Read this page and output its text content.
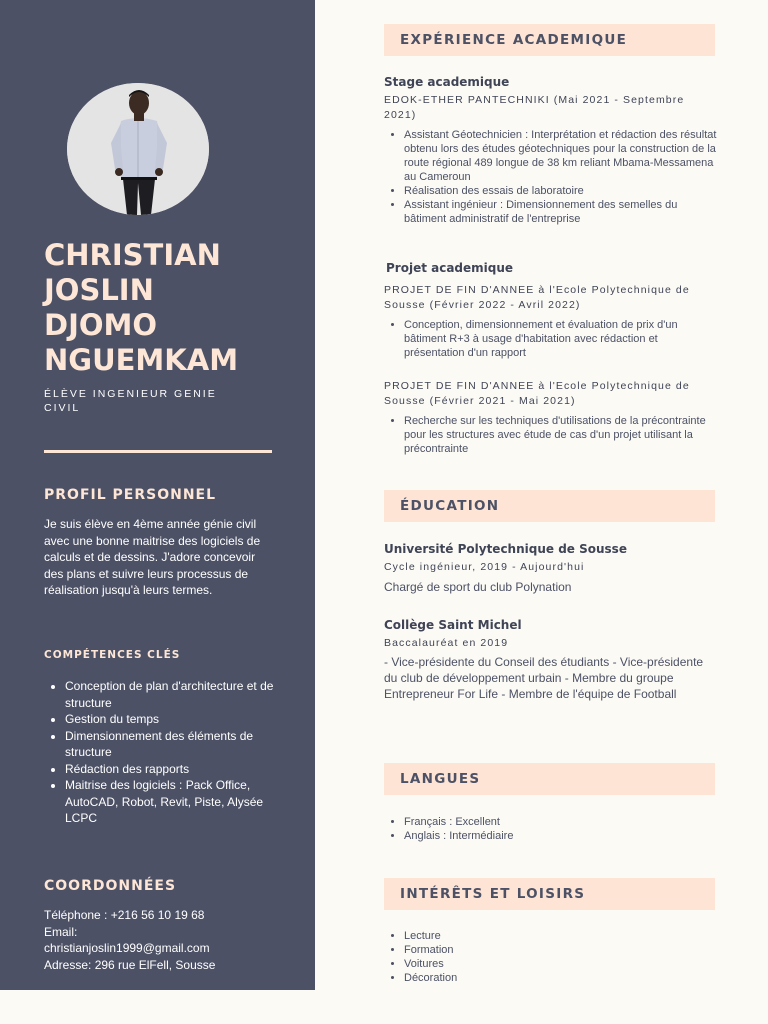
CHRISTIAN
JOSLIN
DJOMO
NGUEMKAM
ÉLÈVE INGENIEUR GENIE CIVIL
PROFIL PERSONNEL

Je suis élève en 4ème année génie civil avec une bonne maitrise des logiciels de calculs et de dessins. J'adore concevoir des plans et suivre leurs processus de réalisation jusqu'à leurs termes.

COMPÉTENCES CLÉS
• Conception de plan d'architecture et de structure
• Gestion du temps
• Dimensionnement des éléments de structure
• Rédaction des rapports
• Maitrise des logiciels : Pack Office, AutoCAD, Robot, Revit, Piste, Alysée LCPC
COORDONNÉES
Téléphone : +216 56 10 19 68
Email:
christianjoslin1999@gmail.com
Adresse: 296 rue ElFell, Sousse
EXPÉRIENCE ACADEMIQUE

Stage academique

EDOK-ETHER PANTECHNIKI (Mai 2021 - Septembre 2021)

• Assistant Géotechnicien : Interprétation et rédaction des résultat obtenu lors des études géotechniques pour la construction de la route régional 489 longue de 38 km reliant Mbama-Messamena au Cameroun
• Réalisation des essais de laboratoire
• Assistant ingénieur : Dimensionnement des semelles du bâtiment administratif de l'entreprise

Projet academique

PROJET DE FIN D'ANNEE à l'Ecole Polytechnique de Sousse (Février 2022 - Avril 2022)

• Conception, dimensionnement et évaluation de prix d'un bâtiment R+3 à usage d'habitation avec rédaction et présentation d'un rapport

PROJET DE FIN D'ANNEE à l'Ecole Polytechnique de Sousse (Février 2021 - Mai 2021)

• Recherche sur les techniques d'utilisations de la précontrainte pour les structures avec étude de cas d'un projet utilisant la précontrainte
ÉDUCATION

Université Polytechnique de Sousse

Cycle ingénieur, 2019 - Aujourd'hui

Chargé de sport du club Polynation

Collège Saint Michel

Baccalauréat en 2019

- Vice-présidente du Conseil des étudiants - Vice-présidente du club de développement urbain - Membre du groupe Entrepreneur For Life - Membre de l'équipe de Football

LANGUES
• Français : Excellent
• Anglais : Intermédiaire
INTÉRÊTS ET LOISIRS
• Lecture
• Formation
• Voitures
• Décoration
